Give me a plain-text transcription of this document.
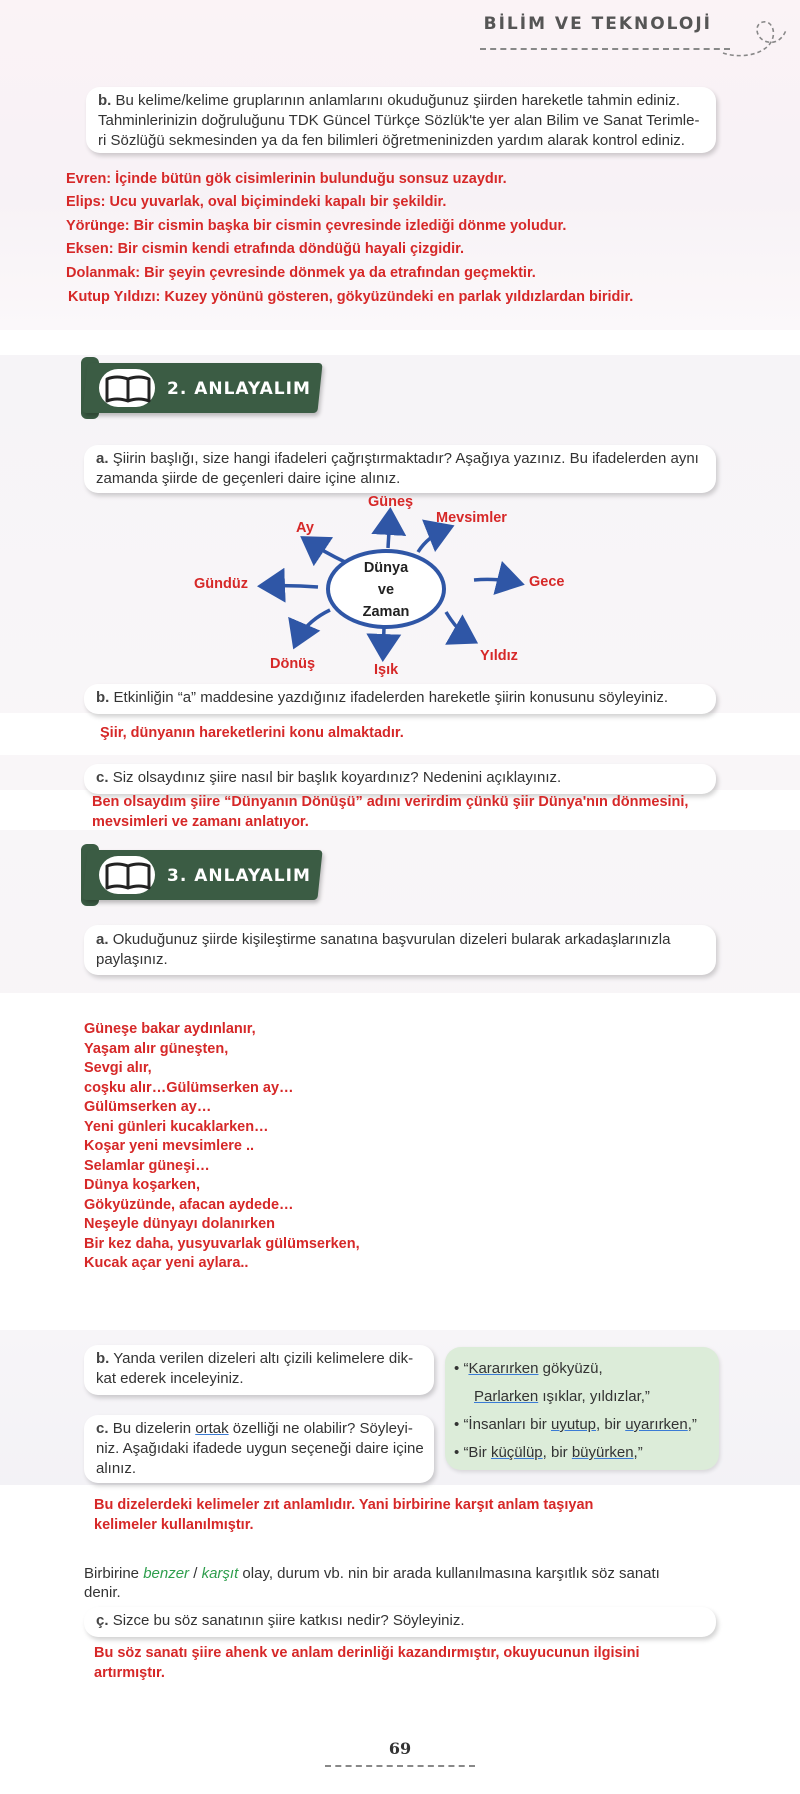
BİLİM VE TEKNOLOJİ
b. Bu kelime/kelime gruplarının anlamlarını okuduğunuz şiirden hareketle tahmin ediniz.
Tahminlerinizin doğruluğunu TDK Güncel Türkçe Sözlük'te yer alan Bilim ve Sanat Terimle-
ri Sözlüğü sekmesinden ya da fen bilimleri öğretmeninizden yardım alarak kontrol ediniz.
Evren: İçinde bütün gök cisimlerinin bulunduğu sonsuz uzaydır.
Elips: Ucu yuvarlak, oval biçimindeki kapalı bir şekildir.
Yörünge: Bir cismin başka bir cismin çevresinde izlediği dönme yoludur.
Eksen: Bir cismin kendi etrafında döndüğü hayali çizgidir.
Dolanmak: Bir şeyin çevresinde dönmek ya da etrafından geçmektir.
Kutup Yıldızı: Kuzey yönünü gösteren, gökyüzündeki en parlak yıldızlardan biridir.
2. ANLAYALIM
a. Şiirin başlığı, size hangi ifadeleri çağrıştırmaktadır? Aşağıya yazınız. Bu ifadelerden aynı
zamanda şiirde de geçenleri daire içine alınız.
Dünya
ve
Zaman
Güneş
Mevsimler
Ay
Gündüz	Gece
Dönüş	Işık
Yıldız
b. Etkinliğin “a” maddesine yazdığınız ifadelerden hareketle şiirin konusunu söyleyiniz.
Şiir, dünyanın hareketlerini konu almaktadır.
c. Siz olsaydınız şiire nasıl bir başlık koyardınız? Nedenini açıklayınız.
Ben olsaydım şiire “Dünyanın Dönüşü” adını verirdim çünkü şiir Dünya'nın dönmesini,
mevsimleri ve zamanı anlatıyor.
3. ANLAYALIM
a. Okuduğunuz şiirde kişileştirme sanatına başvurulan dizeleri bularak arkadaşlarınızla
paylaşınız.
Güneşe bakar aydınlanır,
Yaşam alır güneşten,
Sevgi alır,
coşku alır…Gülümserken ay…
Gülümserken ay…
Yeni günleri kucaklarken…
Koşar yeni mevsimlere ..
Selamlar güneşi…
Dünya koşarken,
Gökyüzünde, afacan aydede…
Neşeyle dünyayı dolanırken
Bir kez daha, yusyuvarlak gülümserken,
Kucak açar yeni aylara..
b. Yanda verilen dizeleri altı çizili kelimelere dik-
kat ederek inceleyiniz.
c. Bu dizelerin ortak özelliği ne olabilir? Söyleyi-
niz. Aşağıdaki ifadede uygun seçeneği daire içine
alınız.
• “Kararırken gökyüzü,
Parlarken ışıklar, yıldızlar,”
• “İnsanları bir uyutup, bir uyarırken,”
• “Bir küçülüp, bir büyürken,”
Bu dizelerdeki kelimeler zıt anlamlıdır. Yani birbirine karşıt anlam taşıyan
kelimeler kullanılmıştır.
Birbirine benzer / karşıt olay, durum vb. nin bir arada kullanılmasına karşıtlık söz sanatı
denir.
ç. Sizce bu söz sanatının şiire katkısı nedir? Söyleyiniz.
Bu söz sanatı şiire ahenk ve anlam derinliği kazandırmıştır, okuyucunun ilgisini
artırmıştır.
69
